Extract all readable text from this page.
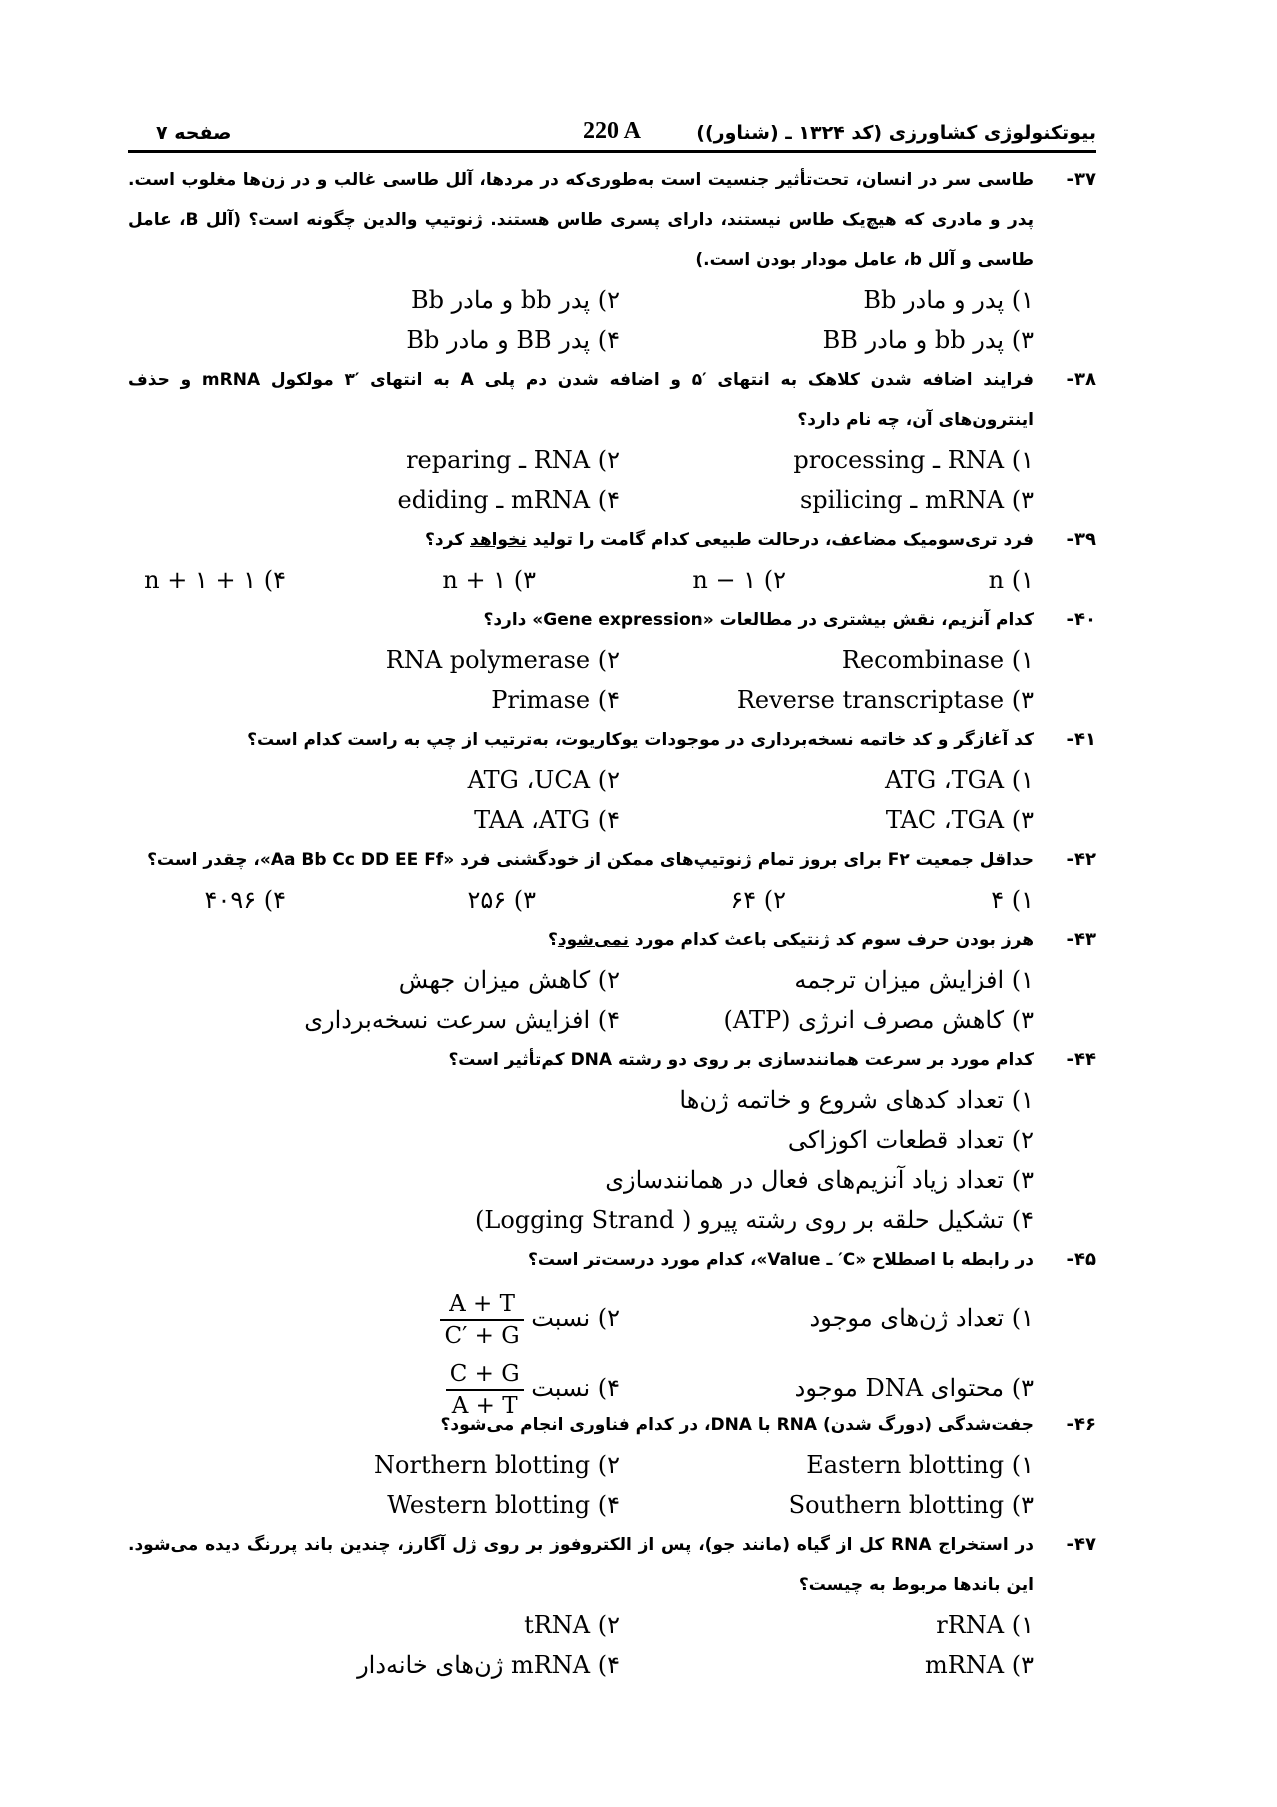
بیوتکنولوژی کشاورزی (کد ۱۳۲۴ ـ (شناور))
220 A
صفحه ۷
۳۷-
طاسی سر در انسان، تحت‌تأثیر جنسیت است به‌طوری‌که در مردها، آلل طاسی غالب و در زن‌ها مغلوب است. پدر و مادری که هیچ‌یک طاس نیستند، دارای پسری طاس هستند. ژنوتیپ والدین چگونه است؟ (آلل B، عامل طاسی و آلل b، عامل مودار بودن است.)
۱) پدر و مادر Bb
۲) پدر bb و مادر Bb
۳) پدر bb و مادر BB
۴) پدر BB و مادر Bb
۳۸-
فرایند اضافه شدن کلاهک به انتهای ′۵ و اضافه شدن دم پلی A به انتهای ′۳ مولکول mRNA و حذف اینترون‌های آن، چه نام دارد؟
۱) RNA ـ processing
۲) RNA ـ reparing
۳) mRNA ـ spilicing
۴) mRNA ـ ediding
۳۹-
فرد تری‌سومیک مضاعف، درحالت طبیعی کدام گامت را تولید نخواهد کرد؟
۱) n
۲) n − ۱
۳) n + ۱
۴) n + ۱ + ۱
۴۰-
کدام آنزیم، نقش بیشتری در مطالعات «Gene expression» دارد؟
۱) Recombinase
۲) RNA polymerase
۳) Reverse transcriptase
۴) Primase
۴۱-
کد آغازگر و کد خاتمه نسخه‌برداری در موجودات یوکاریوت، به‌ترتیب از چپ به راست کدام است؟
۱) ATG ،TGA
۲) ATG ،UCA
۳) TAC ،TGA
۴) TAA ،ATG
۴۲-
حداقل جمعیت F۲ برای بروز تمام ژنوتیپ‌های ممکن از خودگشنی فرد «Aa Bb Cc DD EE Ff»، چقدر است؟
۱) ۴
۲) ۶۴
۳) ۲۵۶
۴) ۴۰۹۶
۴۳-
هرز بودن حرف سوم کد ژنتیکی باعث کدام مورد نمی‌شود؟
۱) افزایش میزان ترجمه
۲) کاهش میزان جهش
۳) کاهش مصرف انرژی (ATP)
۴) افزایش سرعت نسخه‌برداری
۴۴-
کدام مورد بر سرعت همانندسازی بر روی دو رشته DNA کم‌تأثیر است؟
۱) تعداد کدهای شروع و خاتمه ژن‌ها
۲) تعداد قطعات اکوزاکی
۳) تعداد زیاد آنزیم‌های فعال در همانندسازی
۴) تشکیل حلقه بر روی رشته پیرو ( Logging Strand)
۴۵-
در رابطه با اصطلاح «C′ ـ Value»، کدام مورد درست‌تر است؟
۱) تعداد ژن‌های موجود
۲) نسبت
$\frac{A + T}{C' + G}$
۳) محتوای DNA موجود
۴) نسبت
$\frac{C + G}{A + T}$
۴۶-
جفت‌شدگی (دورگ شدن) RNA با DNA، در کدام فناوری انجام می‌شود؟
۱) Eastern blotting
۲) Northern blotting
۳) Southern blotting
۴) Western blotting
۴۷-
در استخراج RNA کل از گیاه (مانند جو)، پس از الکتروفوز بر روی ژل آگارز، چندین باند پررنگ دیده می‌شود. این باندها مربوط به چیست؟
۱) rRNA
۲) tRNA
۳) mRNA
۴) mRNA ژن‌های خانه‌دار
